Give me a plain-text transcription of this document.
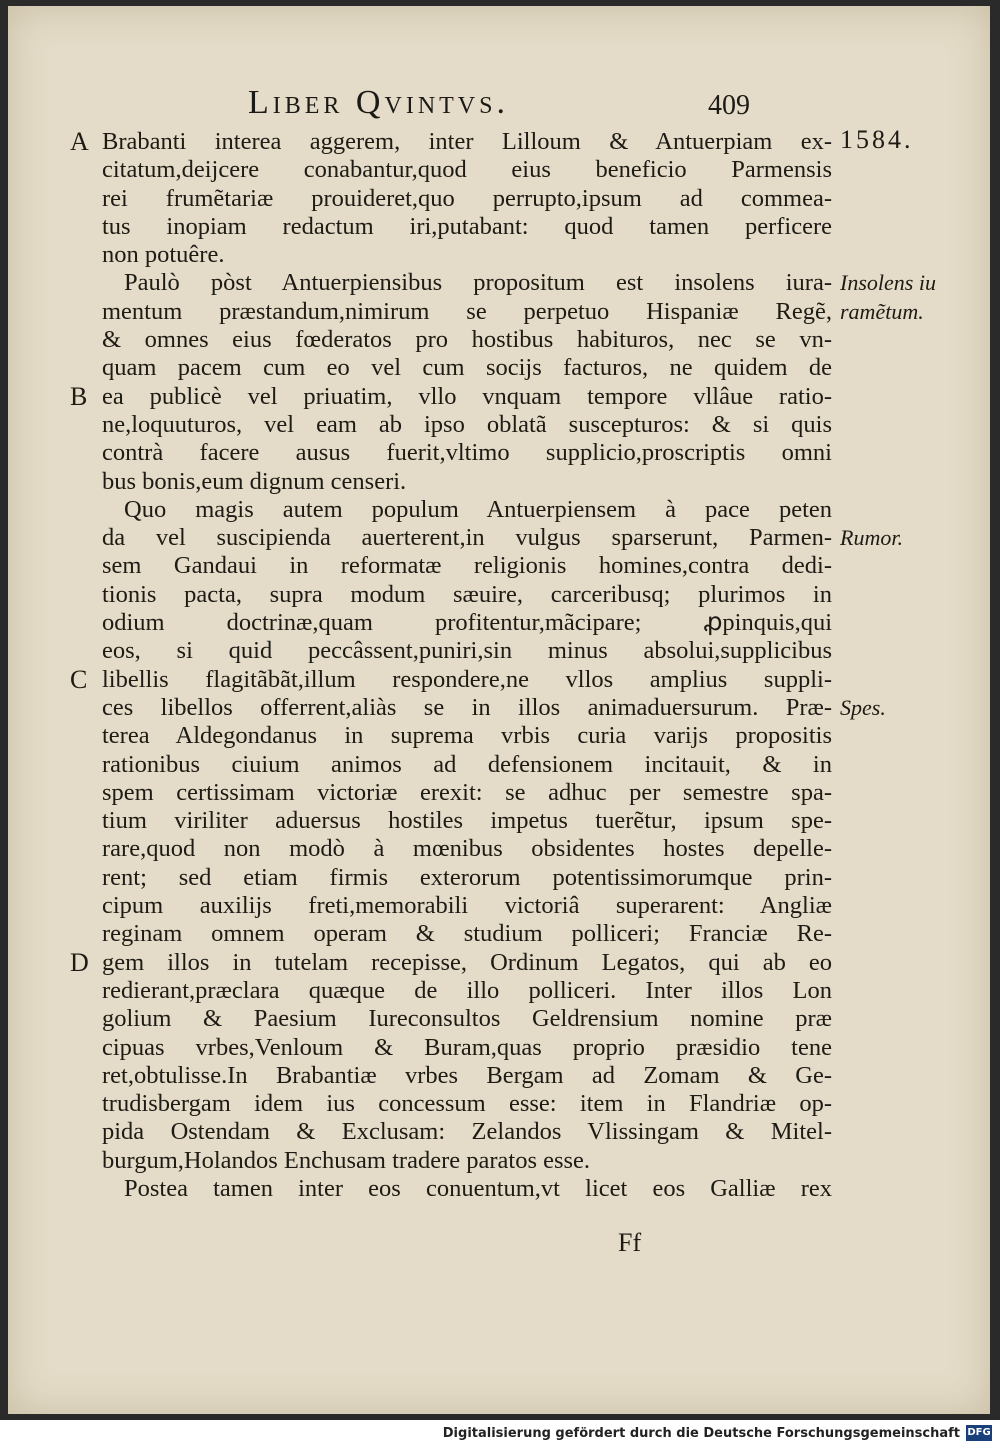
Liber Qvintvs.	409
A Brabanti interea aggerem, inter Lilloum & Antuerpiam ex- 1584.
citatum,deijcere conabantur,quod eius beneficio Parmensis
rei frumẽtariæ prouideret,quo perrupto,ipsum ad commea-
tus inopiam redactum iri,putabant: quod tamen perficere
non potuêre.
Paulò pòst Antuerpiensibus propositum est insolens iura- Insolens iu
mentum præstandum,nimirum se perpetuo Hispaniæ Regẽ, ramẽtum.
& omnes eius fœderatos pro hostibus habituros, nec se vn-
quam pacem cum eo vel cum socijs facturos, ne quidem de
B ea publicè vel priuatim, vllo vnquam tempore vllâue ratio-
ne,loquuturos, vel eam ab ipso oblatã suscepturos: & si quis
contrà facere ausus fuerit,vltimo supplicio,proscriptis omni
bus bonis,eum dignum censeri.
Quo magis autem populum Antuerpiensem à pace peten
da vel suscipienda auerterent,in vulgus sparserunt, Parmen- Rumor.
sem Gandaui in reformatæ religionis homines,contra dedi-
tionis pacta, supra modum sæuire, carceribusq; plurimos in
odium doctrinæ,quam profitentur,mãcipare; ꝓpinquis,qui
eos, si quid peccâssent,puniri,sin minus absolui,supplicibus
C libellis flagitãbãt,illum respondere,ne vllos amplius suppli-
ces libellos offerrent,aliàs se in illos animaduersurum. Præ- Spes.
terea Aldegondanus in suprema vrbis curia varijs propositis
rationibus ciuium animos ad defensionem incitauit, & in
spem certissimam victoriæ erexit: se adhuc per semestre spa-
tium viriliter aduersus hostiles impetus tuerẽtur, ipsum spe-
rare,quod non modò à mœnibus obsidentes hostes depelle-
rent; sed etiam firmis exterorum potentissimorumque prin-
cipum auxilijs freti,memorabili victoriâ superarent: Angliæ
reginam omnem operam & studium polliceri; Franciæ Re-
D gem illos in tutelam recepisse, Ordinum Legatos, qui ab eo
redierant,præclara quæque de illo polliceri. Inter illos Lon
golium & Paesium Iureconsultos Geldrensium nomine præ
cipuas vrbes,Venloum & Buram,quas proprio præsidio tene
ret,obtulisse.In Brabantiæ vrbes Bergam ad Zomam & Ge-
trudisbergam idem ius concessum esse: item in Flandriæ op-
pida Ostendam & Exclusam: Zelandos Vlissingam & Mitel-
burgum,Holandos Enchusam tradere paratos esse.
Postea tamen inter eos conuentum,vt licet eos Galliæ rex
Ff
Digitalisierung gefördert durch die Deutsche Forschungsgemeinschaft DFG
